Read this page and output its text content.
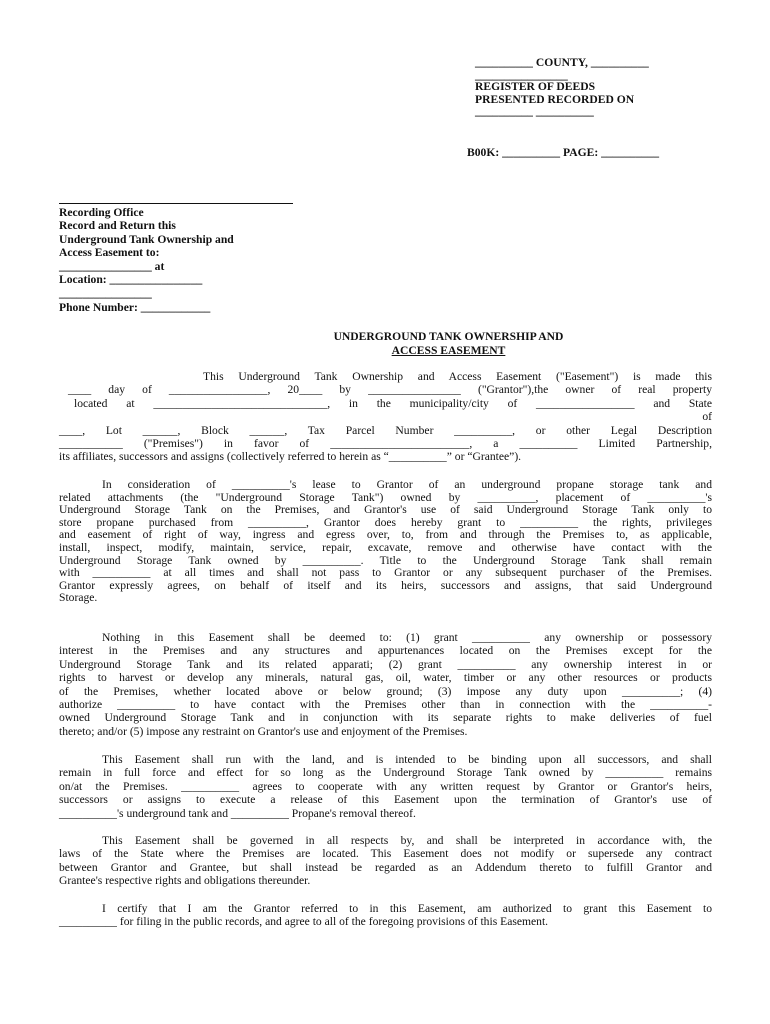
__________ COUNTY, __________
________________
REGISTER OF DEEDS
PRESENTED RECORDED ON
__________ __________
B00K: __________ PAGE: __________
Recording Office
Record and Return this
Underground Tank Ownership and
Access Easement to:
________________ at
Location: ________________
________________
Phone Number: ____________
UNDERGROUND TANK OWNERSHIP AND
ACCESS EASEMENT
This Underground Tank Ownership and Access Easement ("Easement") is made this
____ day of _________________, 20____ by ________________ ("Grantor"),the owner of real property
located at ______________________________, in the municipality/city of _________________ and State
of
____, Lot ______, Block ______, Tax Parcel Number __________, or other Legal Description
___________ ("Premises") in favor of ________________________, a __________ Limited Partnership,
its affiliates, successors and assigns (collectively referred to herein as “__________” or “Grantee”).
In consideration of __________'s lease to Grantor of an underground propane storage tank and
related attachments (the "Underground Storage Tank") owned by __________, placement of __________'s
Underground Storage Tank on the Premises, and Grantor's use of said Underground Storage Tank only to
store propane purchased from __________, Grantor does hereby grant to __________ the rights, privileges
and easement of right of way, ingress and egress over, to, from and through the Premises to, as applicable,
install, inspect, modify, maintain, service, repair, excavate, remove and otherwise have contact with the
Underground Storage Tank owned by __________. Title to the Underground Storage Tank shall remain
with __________ at all times and shall not pass to Grantor or any subsequent purchaser of the Premises.
Grantor expressly agrees, on behalf of itself and its heirs, successors and assigns, that said Underground
Storage.
Nothing in this Easement shall be deemed to: (1) grant __________ any ownership or possessory
interest in the Premises and any structures and appurtenances located on the Premises except for the
Underground Storage Tank and its related apparati; (2) grant __________ any ownership interest in or
rights to harvest or develop any minerals, natural gas, oil, water, timber or any other resources or products
of the Premises, whether located above or below ground; (3) impose any duty upon __________; (4)
authorize __________ to have contact with the Premises other than in connection with the __________-
owned Underground Storage Tank and in conjunction with its separate rights to make deliveries of fuel
thereto; and/or (5) impose any restraint on Grantor's use and enjoyment of the Premises.
This Easement shall run with the land, and is intended to be binding upon all successors, and shall
remain in full force and effect for so long as the Underground Storage Tank owned by __________ remains
on/at the Premises. __________ agrees to cooperate with any written request by Grantor or Grantor's heirs,
successors or assigns to execute a release of this Easement upon the termination of Grantor's use of
__________'s underground tank and __________ Propane's removal thereof.
This Easement shall be governed in all respects by, and shall be interpreted in accordance with, the
laws of the State where the Premises are located. This Easement does not modify or supersede any contract
between Grantor and Grantee, but shall instead be regarded as an Addendum thereto to fulfill Grantor and
Grantee's respective rights and obligations thereunder.
I certify that I am the Grantor referred to in this Easement, am authorized to grant this Easement to
__________ for filing in the public records, and agree to all of the foregoing provisions of this Easement.
